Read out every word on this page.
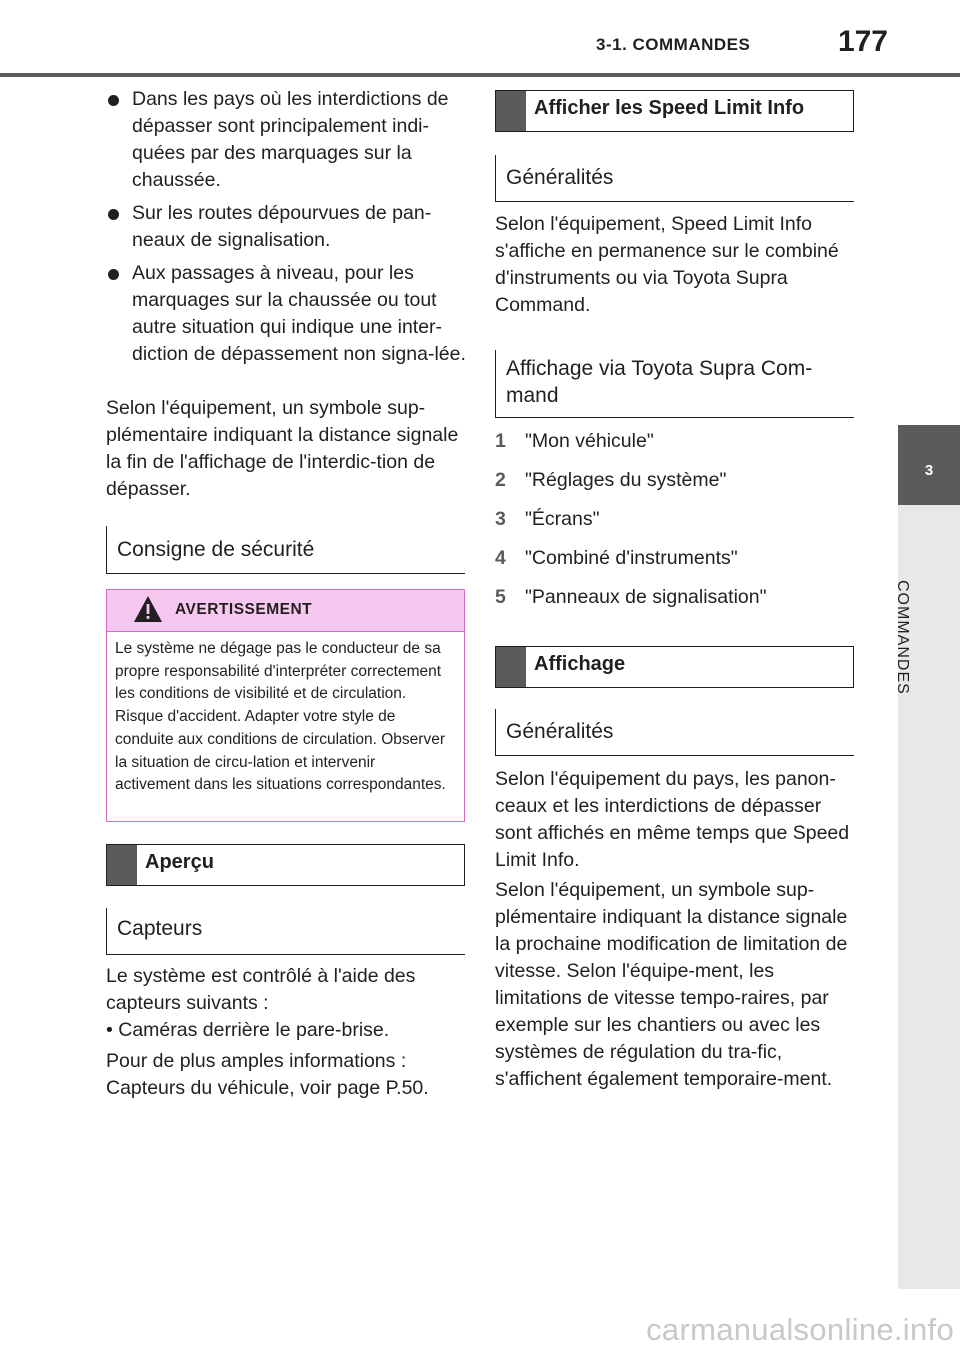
3-1. COMMANDES	177
3
COMMANDES
Dans les pays où les interdictions de dépasser sont principalement indi-quées par des marquages sur la chaussée.
Sur les routes dépourvues de pan-neaux de signalisation.
Aux passages à niveau, pour les marquages sur la chaussée ou tout autre situation qui indique une inter-diction de dépassement non signa-lée.
Selon l'équipement, un symbole sup-plémentaire indiquant la distance signale la fin de l'affichage de l'interdic-tion de dépasser.
Consigne de sécurité
AVERTISSEMENT
Le système ne dégage pas le conducteur de sa propre responsabilité d'interpréter correctement les conditions de visibilité et de circulation. Risque d'accident. Adapter votre style de conduite aux conditions de circulation. Observer la situation de circu-lation et intervenir activement dans les situations correspondantes.
Aperçu
Capteurs
Le système est contrôlé à l'aide des capteurs suivants :
• Caméras derrière le pare-brise.
Pour de plus amples informations : Capteurs du véhicule, voir page P.50.
Afficher les Speed Limit Info
Généralités
Selon l'équipement, Speed Limit Info s'affiche en permanence sur le combiné d'instruments ou via Toyota Supra Command.
Affichage via Toyota Supra Com-mand
1 "Mon véhicule"
2 "Réglages du système"
3 "Écrans"
4 "Combiné d'instruments"
5 "Panneaux de signalisation"
Affichage
Généralités
Selon l'équipement du pays, les panon-ceaux et les interdictions de dépasser sont affichés en même temps que Speed Limit Info.
Selon l'équipement, un symbole sup-plémentaire indiquant la distance signale la prochaine modification de limitation de vitesse. Selon l'équipe-ment, les limitations de vitesse tempo-raires, par exemple sur les chantiers ou avec les systèmes de régulation du tra-fic, s'affichent également temporaire-ment.
carmanualsonline.info
